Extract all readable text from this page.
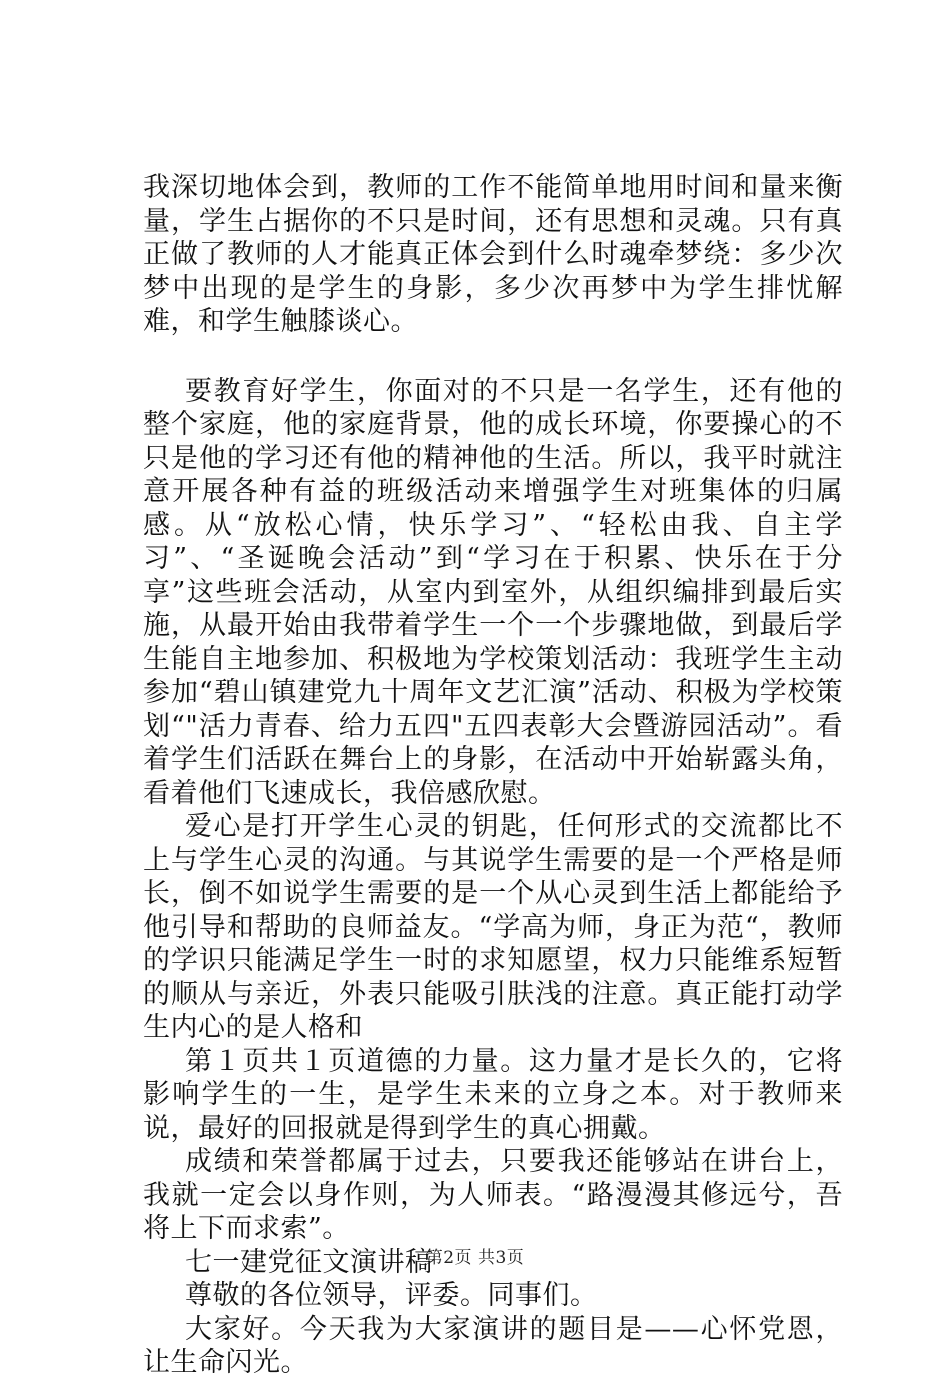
我深切地体会到，教师的工作不能简单地用时间和量来衡量，学生占据你的不只是时间，还有思想和灵魂。只有真正做了教师的人才能真正体会到什么时魂牵梦绕：多少次梦中出现的是学生的身影，多少次再梦中为学生排忧解难，和学生触膝谈心。

要教育好学生，你面对的不只是一名学生，还有他的整个家庭，他的家庭背景，他的成长环境，你要操心的不只是他的学习还有他的精神他的生活。所以，我平时就注意开展各种有益的班级活动来增强学生对班集体的归属感。从“放松心情，快乐学习”、“轻松由我、自主学习”、“圣诞晚会活动”到“学习在于积累、快乐在于分享”这些班会活动，从室内到室外，从组织编排到最后实施，从最开始由我带着学生一个一个步骤地做，到最后学生能自主地参加、积极地为学校策划活动：我班学生主动参加“碧山镇建党九十周年文艺汇演”活动、积极为学校策划“"活力青春、给力五四"五四表彰大会暨游园活动”。看着学生们活跃在舞台上的身影，在活动中开始崭露头角，看着他们飞速成长，我倍感欣慰。

爱心是打开学生心灵的钥匙，任何形式的交流都比不上与学生心灵的沟通。与其说学生需要的是一个严格是师长，倒不如说学生需要的是一个从心灵到生活上都能给予他引导和帮助的良师益友。“学高为师，身正为范“，教师的学识只能满足学生一时的求知愿望，权力只能维系短暂的顺从与亲近，外表只能吸引肤浅的注意。真正能打动学生内心的是人格和

第１页共１页道德的力量。这力量才是长久的，它将影响学生的一生，是学生未来的立身之本。对于教师来说，最好的回报就是得到学生的真心拥戴。

成绩和荣誉都属于过去，只要我还能够站在讲台上，我就一定会以身作则，为人师表。“路漫漫其修远兮，吾将上下而求索”。

七一建党征文演讲稿

尊敬的各位领导，评委。同事们。

大家好。今天我为大家演讲的题目是——心怀党恩，让生命闪光。

第2页 共3页
